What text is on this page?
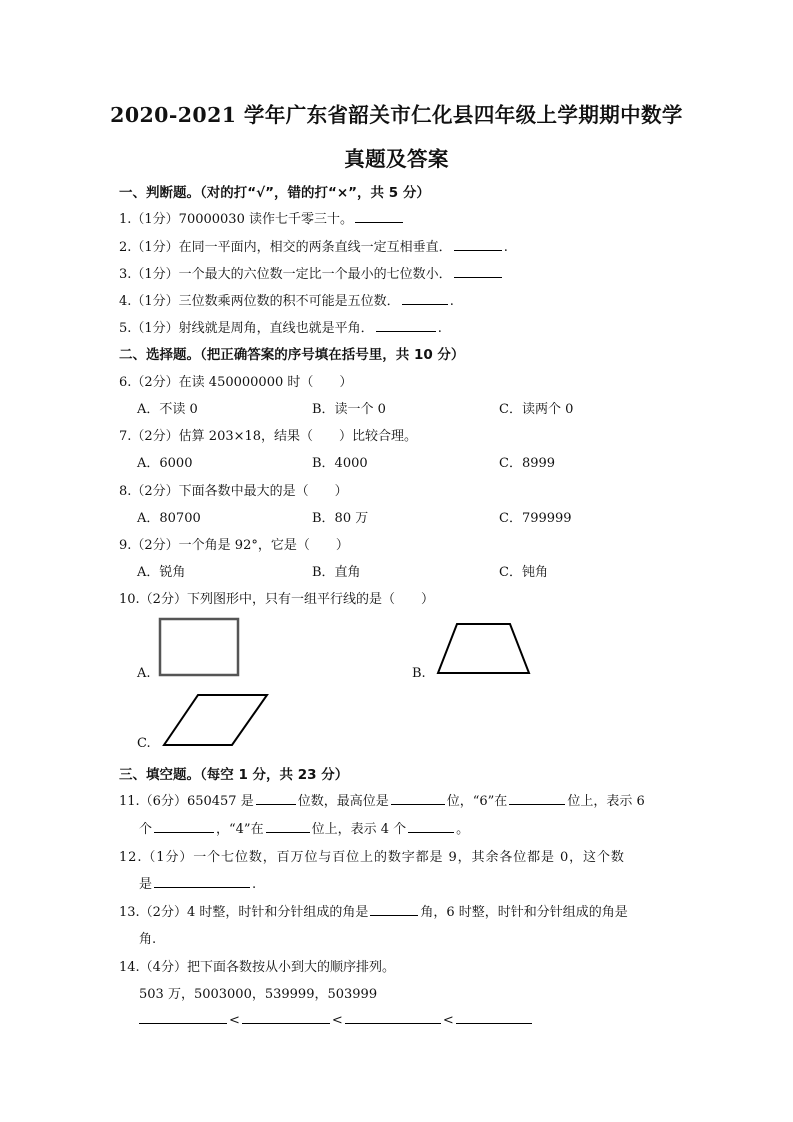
2020-2021 学年广东省韶关市仁化县四年级上学期期中数学
真题及答案
一、判断题。（对的打“√”，错的打“×”，共 5 分）
1.（1分）70000030 读作七千零三十。
2.（1分）在同一平面内，相交的两条直线一定互相垂直．	.
3.（1分）一个最大的六位数一定比一个最小的七位数小．
4.（1分）三位数乘两位数的积不可能是五位数．	.
5.（1分）射线就是周角，直线也就是平角．	.
二、选择题。（把正确答案的序号填在括号里，共 10 分）
6.（2分）在读 450000000 时（　　）
A．不读 0	B．读一个 0	C．读两个 0
7.（2分）估算 203×18，结果（　　）比较合理。
A．6000	B．4000	C．8999
8.（2分）下面各数中最大的是（　　）
A．80700	B．80 万	C．799999
9.（2分）一个角是 92°，它是（　　）
A．锐角	B．直角	C．钝角
10.（2分）下列图形中，只有一组平行线的是（　　）
A.	B.
C.
三、填空题。（每空 1 分，共 23 分）
11.（6分）650457 是	位数，最高位是	位，“6”在	位上，表示 6
个	，“4”在	位上，表示 4 个	。
12.（1分）一个七位数，百万位与百位上的数字都是 9，其余各位都是 0，这个数
是	.
13.（2分）4 时整，时针和分针组成的角是	角，6 时整，时针和分针组成的角是
角.
14.（4分）把下面各数按从小到大的顺序排列。
503 万，5003000，539999，503999
<	<	<
